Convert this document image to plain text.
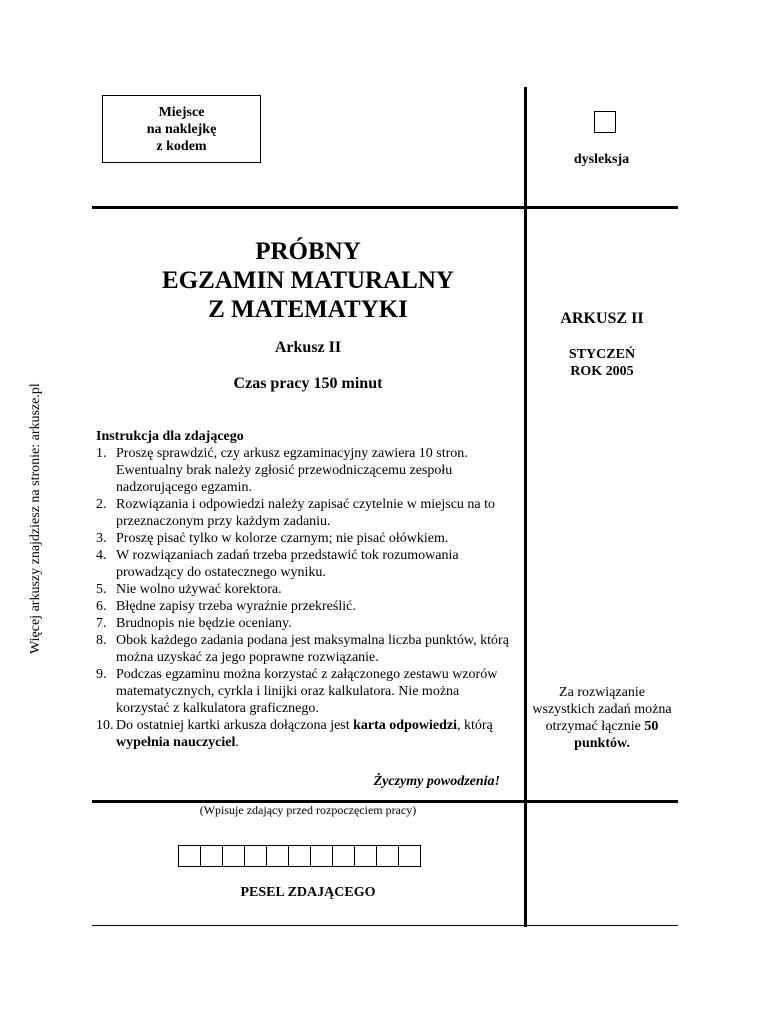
Miejsce
na naklejkę
z kodem
dysleksja
PRÓBNY
EGZAMIN MATURALNY
Z MATEMATYKI
Arkusz II
Czas pracy 150 minut
Instrukcja dla zdającego
1. Proszę sprawdzić, czy arkusz egzaminacyjny zawiera 10 stron. Ewentualny brak należy zgłosić przewodniczącemu zespołu nadzorującego egzamin.
2. Rozwiązania i odpowiedzi należy zapisać czytelnie w miejscu na to przeznaczonym przy każdym zadaniu.
3. Proszę pisać tylko w kolorze czarnym; nie pisać ołówkiem.
4. W rozwiązaniach zadań trzeba przedstawić tok rozumowania prowadzący do ostatecznego wyniku.
5. Nie wolno używać korektora.
6. Błędne zapisy trzeba wyraźnie przekreślić.
7. Brudnopis nie będzie oceniany.
8. Obok każdego zadania podana jest maksymalna liczba punktów, którą można uzyskać za jego poprawne rozwiązanie.
9. Podczas egzaminu można korzystać z załączonego zestawu wzorów matematycznych, cyrkla i linijki oraz kalkulatora. Nie można korzystać z kalkulatora graficznego.
10. Do ostatniej kartki arkusza dołączona jest karta odpowiedzi, którą wypełnia nauczyciel.
Życzymy powodzenia!
ARKUSZ II
STYCZEŃ
ROK 2005
Za rozwiązanie wszystkich zadań można otrzymać łącznie 50 punktów.
(Wpisuje zdający przed rozpoczęciem pracy)
PESEL ZDAJĄCEGO
Więcej arkuszy znajdziesz na stronie: arkusze.pl
